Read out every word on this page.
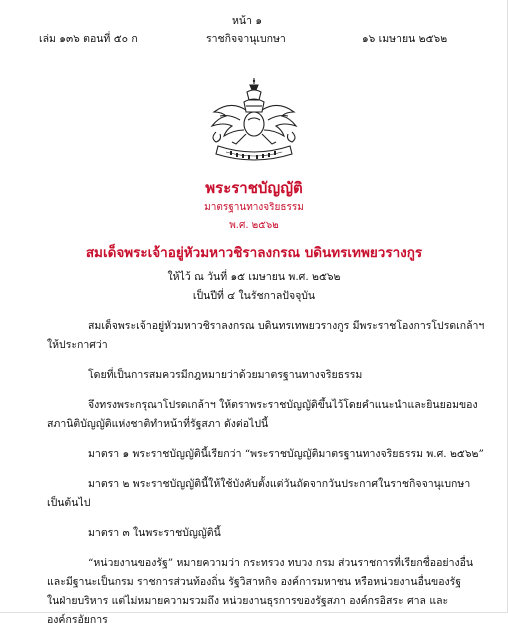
หน้า ๑
เล่ม ๑๓๖ ตอนที่ ๕๐ ก	ราชกิจจานุเบกษา	๑๖ เมษายน ๒๕๖๒
พระราชบัญญัติ
มาตรฐานทางจริยธรรม
พ.ศ. ๒๕๖๒
สมเด็จพระเจ้าอยู่หัวมหาวชิราลงกรณ บดินทรเทพยวรางกูร
ให้ไว้ ณ วันที่ ๑๕ เมษายน พ.ศ. ๒๕๖๒
เป็นปีที่ ๔ ในรัชกาลปัจจุบัน
สมเด็จพระเจ้าอยู่หัวมหาวชิราลงกรณ บดินทรเทพยวรางกูร มีพระราชโองการโปรดเกล้าฯ
ให้ประกาศว่า
โดยที่เป็นการสมควรมีกฎหมายว่าด้วยมาตรฐานทางจริยธรรม
จึงทรงพระกรุณาโปรดเกล้าฯ ให้ตราพระราชบัญญัติขึ้นไว้โดยคำแนะนำและยินยอมของ
สภานิติบัญญัติแห่งชาติทำหน้าที่รัฐสภา ดังต่อไปนี้
มาตรา ๑ พระราชบัญญัตินี้เรียกว่า “พระราชบัญญัติมาตรฐานทางจริยธรรม พ.ศ. ๒๕๖๒”
มาตรา ๒ พระราชบัญญัตินี้ให้ใช้บังคับตั้งแต่วันถัดจากวันประกาศในราชกิจจานุเบกษา
เป็นต้นไป
มาตรา ๓ ในพระราชบัญญัตินี้
“หน่วยงานของรัฐ” หมายความว่า กระทรวง ทบวง กรม ส่วนราชการที่เรียกชื่ออย่างอื่น
และมีฐานะเป็นกรม ราชการส่วนท้องถิ่น รัฐวิสาหกิจ องค์การมหาชน หรือหน่วยงานอื่นของรัฐ
ในฝ่ายบริหาร แต่ไม่หมายความรวมถึง หน่วยงานธุรการของรัฐสภา องค์กรอิสระ ศาล และ
องค์กรอัยการ
